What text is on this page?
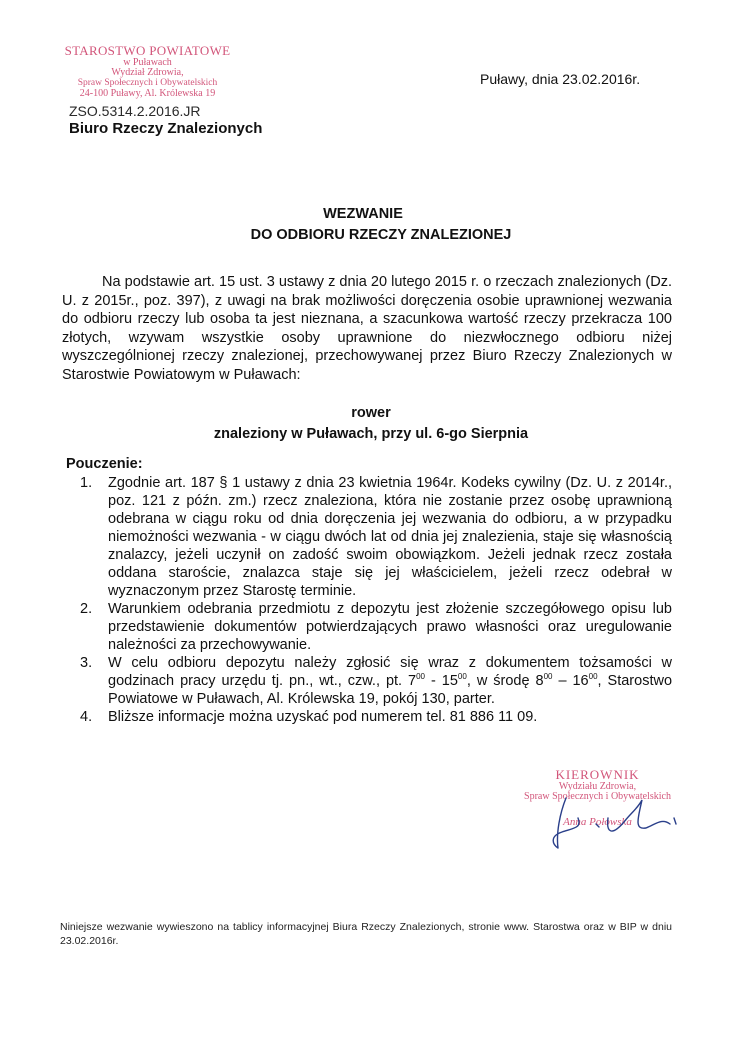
STAROSTWO POWIATOWE
w Puławach
Wydział Zdrowia,
Spraw Społecznych i Obywatelskich
24-100 Puławy, Al. Królewska 19
ZSO.5314.2.2016.JR
Biuro Rzeczy Znalezionych
Puławy, dnia 23.02.2016r.
WEZWANIE
DO ODBIORU RZECZY ZNALEZIONEJ

Na podstawie art. 15 ust. 3 ustawy z dnia 20 lutego 2015 r. o rzeczach znalezionych (Dz. U. z 2015r., poz. 397), z uwagi na brak możliwości doręczenia osobie uprawnionej wezwania do odbioru rzeczy lub osoba ta jest nieznana, a szacunkowa wartość rzeczy przekracza 100 złotych, wzywam wszystkie osoby uprawnione do niezwłocznego odbioru niżej wyszczególnionej rzeczy znalezionej, przechowywanej przez Biuro Rzeczy Znalezionych w Starostwie Powiatowym w Puławach:

rower
znaleziony w Puławach, przy ul. 6-go Sierpnia
Pouczenie:
1. Zgodnie art. 187 § 1 ustawy z dnia 23 kwietnia 1964r. Kodeks cywilny (Dz. U. z 2014r., poz. 121 z późn. zm.) rzecz znaleziona, która nie zostanie przez osobę uprawnioną odebrana w ciągu roku od dnia doręczenia jej wezwania do odbioru, a w przypadku niemożności wezwania - w ciągu dwóch lat od dnia jej znalezienia, staje się własnością znalazcy, jeżeli uczynił on zadość swoim obowiązkom. Jeżeli jednak rzecz została oddana staroście, znalazca staje się jej właścicielem, jeżeli rzecz odebrał w wyznaczonym przez Starostę terminie.
2. Warunkiem odebrania przedmiotu z depozytu jest złożenie szczegółowego opisu lub przedstawienie dokumentów potwierdzających prawo własności oraz uregulowanie należności za przechowywanie.
3. W celu odbioru depozytu należy zgłosić się wraz z dokumentem tożsamości w godzinach pracy urzędu tj. pn., wt., czw., pt. $7^{00} - 15^{00}$, w środę $8^{00} - 16^{00}$, Starostwo Powiatowe w Puławach, Al. Królewska 19, pokój 130, parter.
4. Bliższe informacje można uzyskać pod numerem tel. 81 886 11 09.
KIEROWNIK
Wydziału Zdrowia,
Spraw Społecznych i Obywatelskich
Anna Połowska

Niniejsze wezwanie wywieszono na tablicy informacyjnej Biura Rzeczy Znalezionych, stronie www. Starostwa oraz w BIP w dniu 23.02.2016r.
